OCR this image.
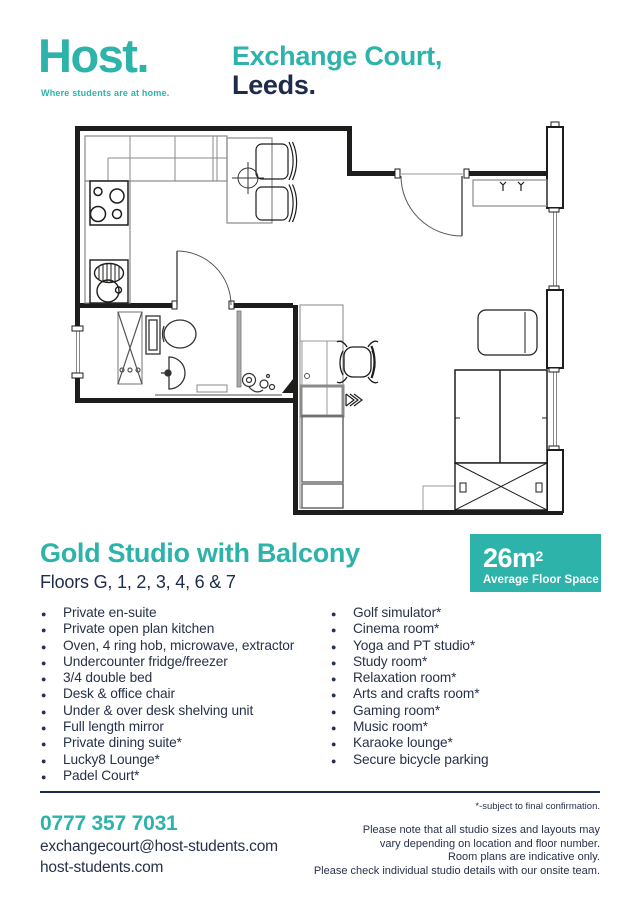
Host.
Where students are at home.
Exchange Court,
Leeds.
Gold Studio with Balcony
Floors G, 1, 2, 3, 4, 6 & 7
$26m^2$
Average Floor Space
● Private en-suite
● Private open plan kitchen
● Oven, 4 ring hob, microwave, extractor
● Undercounter fridge/freezer
● 3/4 double bed
● Desk & office chair
● Under & over desk shelving unit
● Full length mirror
● Private dining suite*
● Lucky8 Lounge*
● Padel Court*
● Golf simulator*
● Cinema room*
● Yoga and PT studio*
● Study room*
● Relaxation room*
● Arts and crafts room*
● Gaming room*
● Music room*
● Karaoke lounge*
● Secure bicycle parking
*-subject to final confirmation.
0777 357 7031
exchangecourt@host-students.com
host-students.com
Please note that all studio sizes and layouts may
vary depending on location and floor number.
Room plans are indicative only.
Please check individual studio details with our onsite team.
